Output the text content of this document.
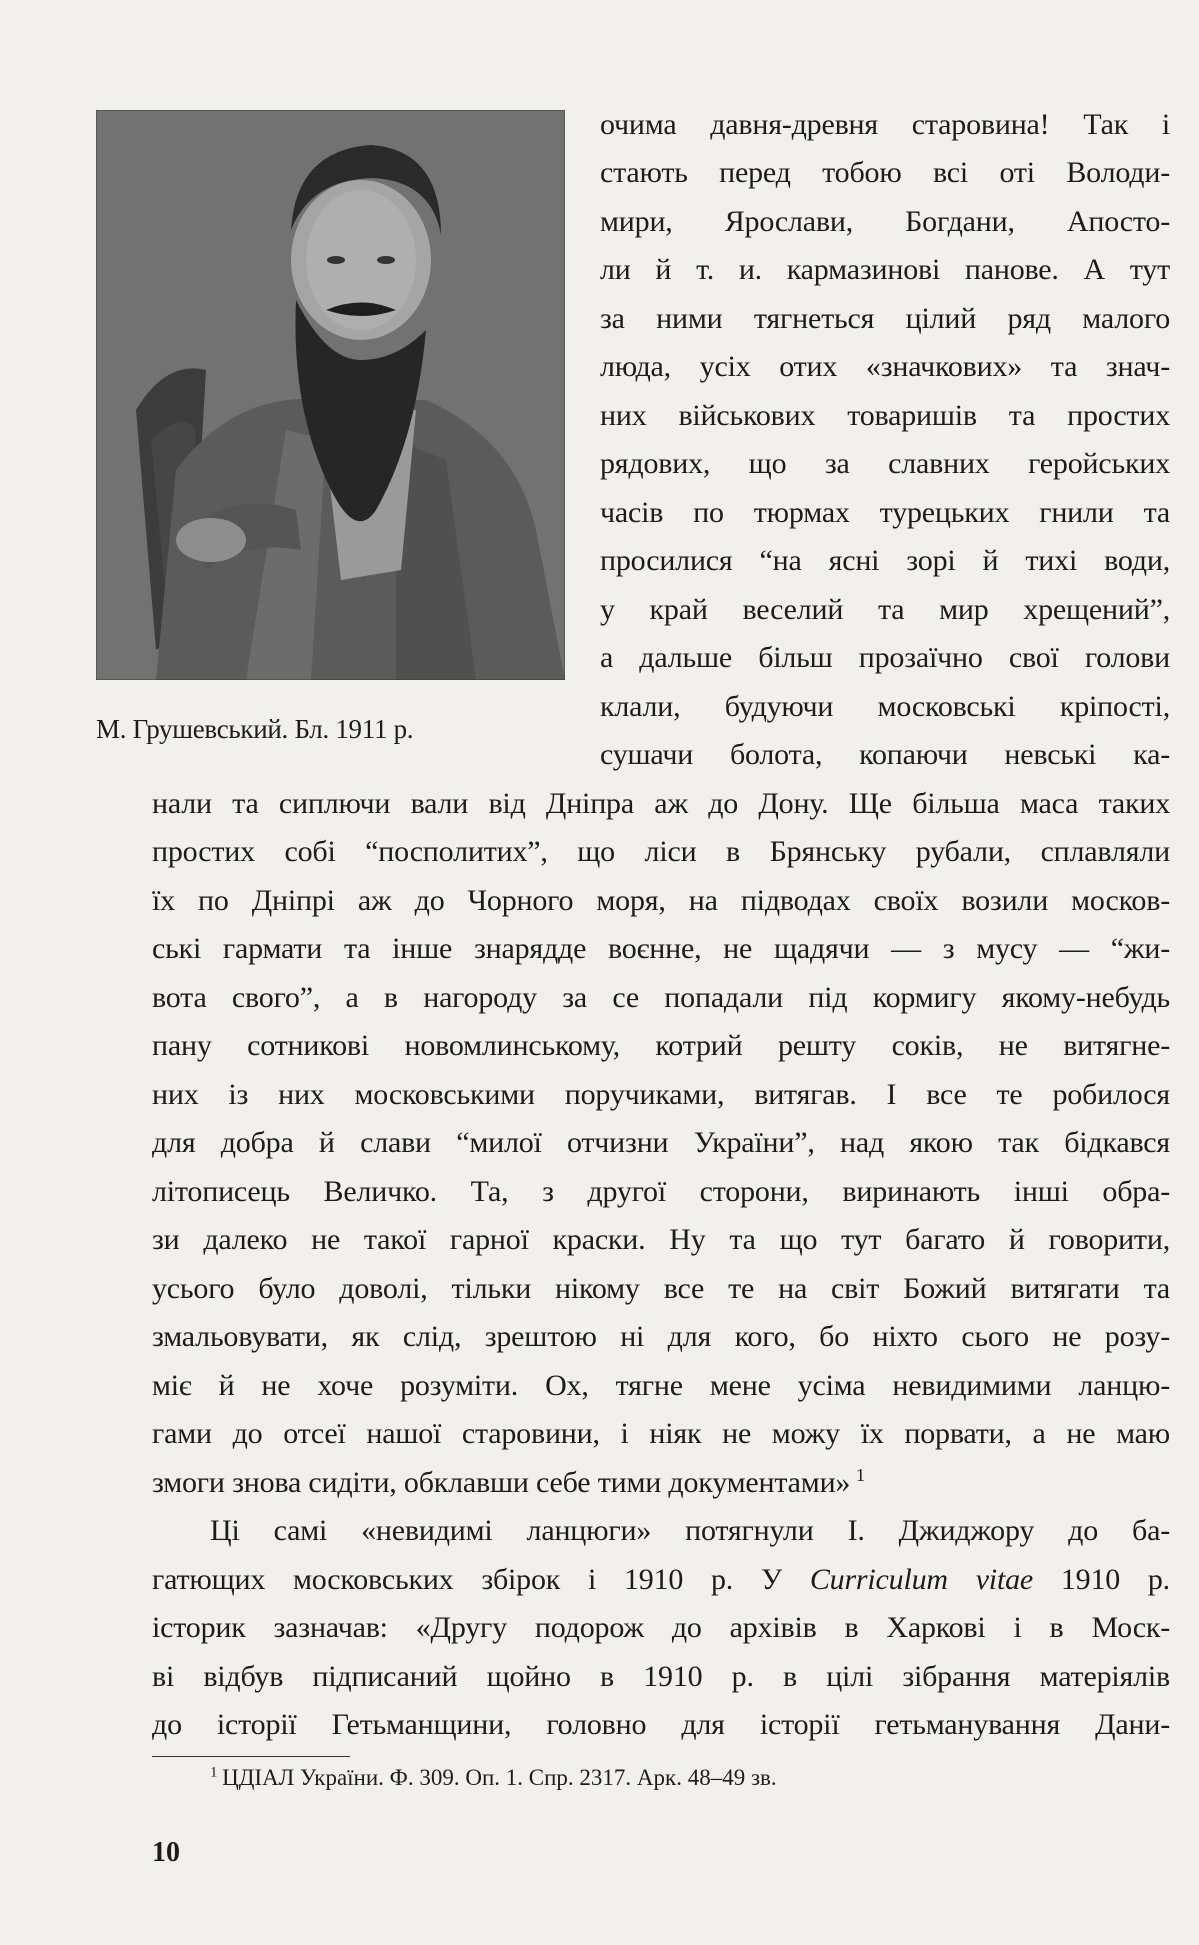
М. Грушевський. Бл. 1911 р.
очима давня-древня старовина! Так і
стають перед тобою всі оті Володи-
мири, Ярослави, Богдани, Апосто-
ли й т. и. кармазинові панове. А тут
за ними тягнеться цілий ряд малого
люда, усіх отих «значкових» та знач-
них військових товаришів та простих
рядових, що за славних геройських
часів по тюрмах турецьких гнили та
просилися “на ясні зорі й тихі води,
у край веселий та мир хрещений”,
а дальше більш прозаїчно свої голови
клали, будуючи московські кріпості,
сушачи болота, копаючи невські ка-
нали та сиплючи вали від Дніпра аж до Дону. Ще більша маса таких
простих собі “посполитих”, що ліси в Брянську рубали, сплавляли
їх по Дніпрі аж до Чорного моря, на підводах своїх возили москов-
ські гармати та інше знарядде воєнне, не щадячи — з мусу — “жи-
вота свого”, а в нагороду за се попадали під кормигу якому-небудь
пану сотникові новомлинському, котрий решту соків, не витягне-
них із них московськими поручиками, витягав. І все те робилося
для добра й слави “милої отчизни України”, над якою так бідкався
літописець Величко. Та, з другої сторони, виринають інші обра-
зи далеко не такої гарної краски. Ну та що тут багато й говорити,
усього було доволі, тільки нікому все те на світ Божий витягати та
змальовувати, як слід, зрештою ні для кого, бо ніхто сього не розу-
міє й не хоче розуміти. Ох, тягне мене усіма невидимими ланцю-
гами до отсеї нашої старовини, і ніяк не можу їх порвати, а не маю
змоги знова сидіти, обклавши себе тими документами»  $^1$
Ці самі «невидимі ланцюги» потягнули І. Джиджору до ба-
гатющих московських збірок і 1910 р. У Curriculum vitae 1910 р.
історик зазначав: «Другу подорож до архівів в Харкові і в Моск-
ві відбув підписаний щойно в 1910 р. в цілі зібрання матеріялів
до історії Гетьманщини, головно для історії гетьманування Дани-
$^1$  ЦДІАЛ України. Ф. 309. Оп. 1. Спр. 2317. Арк. 48–49 зв.
10
